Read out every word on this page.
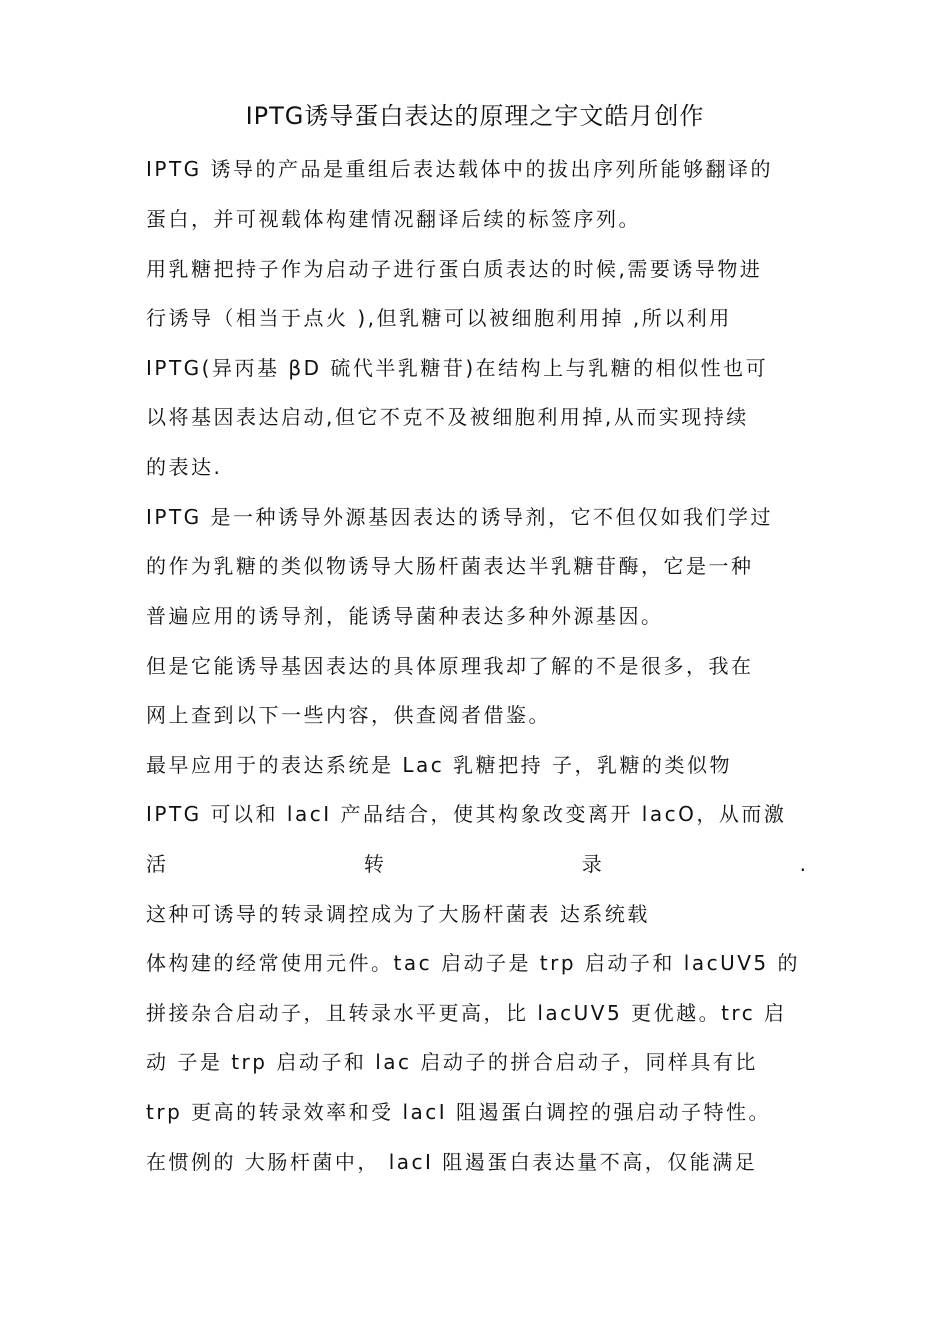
IPTG诱导蛋白表达的原理之宇文皓月创作
IPTG 诱导的产品是重组后表达载体中的拔出序列所能够翻译的
蛋白，并可视载体构建情况翻译后续的标签序列。
用乳糖把持子作为启动子进行蛋白质表达的时候,需要诱导物进
行诱导（相当于点火 ),但乳糖可以被细胞利用掉 ,所以利用
IPTG(异丙基 βD 硫代半乳糖苷)在结构上与乳糖的相似性也可
以将基因表达启动,但它不克不及被细胞利用掉,从而实现持续
的表达.
IPTG 是一种诱导外源基因表达的诱导剂，它不但仅如我们学过
的作为乳糖的类似物诱导大肠杆菌表达半乳糖苷酶，它是一种
普遍应用的诱导剂，能诱导菌种表达多种外源基因。
但是它能诱导基因表达的具体原理我却了解的不是很多，我在
网上查到以下一些内容，供查阅者借鉴。
最早应用于的表达系统是 Lac 乳糖把持 子，乳糖的类似物
IPTG 可以和 lacI 产品结合，使其构象改变离开 lacO，从而激
活	转	录	.
这种可诱导的转录调控成为了大肠杆菌表 达系统载
体构建的经常使用元件。tac 启动子是 trp 启动子和 lacUV5 的
拼接杂合启动子，且转录水平更高，比 lacUV5 更优越。trc 启
动 子是 trp 启动子和 lac 启动子的拼合启动子，同样具有比
trp 更高的转录效率和受 lacI 阻遏蛋白调控的强启动子特性。
在惯例的 大肠杆菌中， lacI 阻遏蛋白表达量不高，仅能满足
